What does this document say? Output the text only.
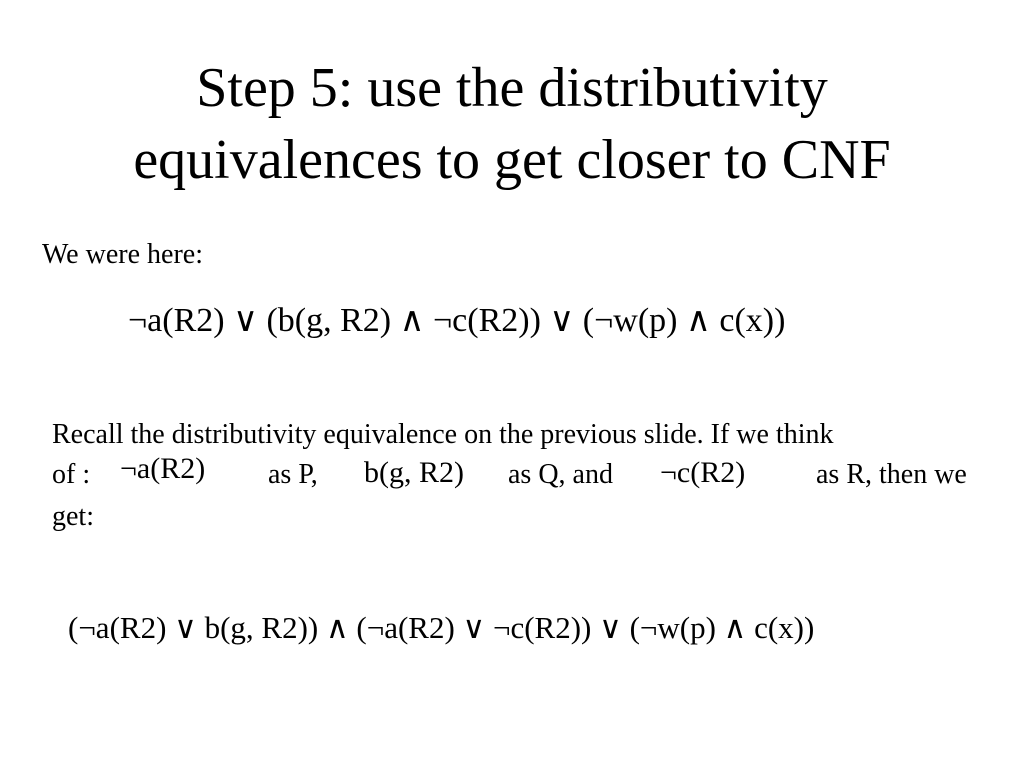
Step 5: use the distributivity
equivalences to get closer to CNF
We were here:
¬a(R2) ∨ (b(g, R2) ∧ ¬c(R2)) ∨ (¬w(p) ∧ c(x))
Recall the distributivity equivalence on the previous slide. If we think
of : ¬a(R2) as P, b(g, R2) as Q, and ¬c(R2)	as R, then we
get:
(¬a(R2) ∨ b(g, R2)) ∧ (¬a(R2) ∨ ¬c(R2)) ∨ (¬w(p) ∧ c(x))
